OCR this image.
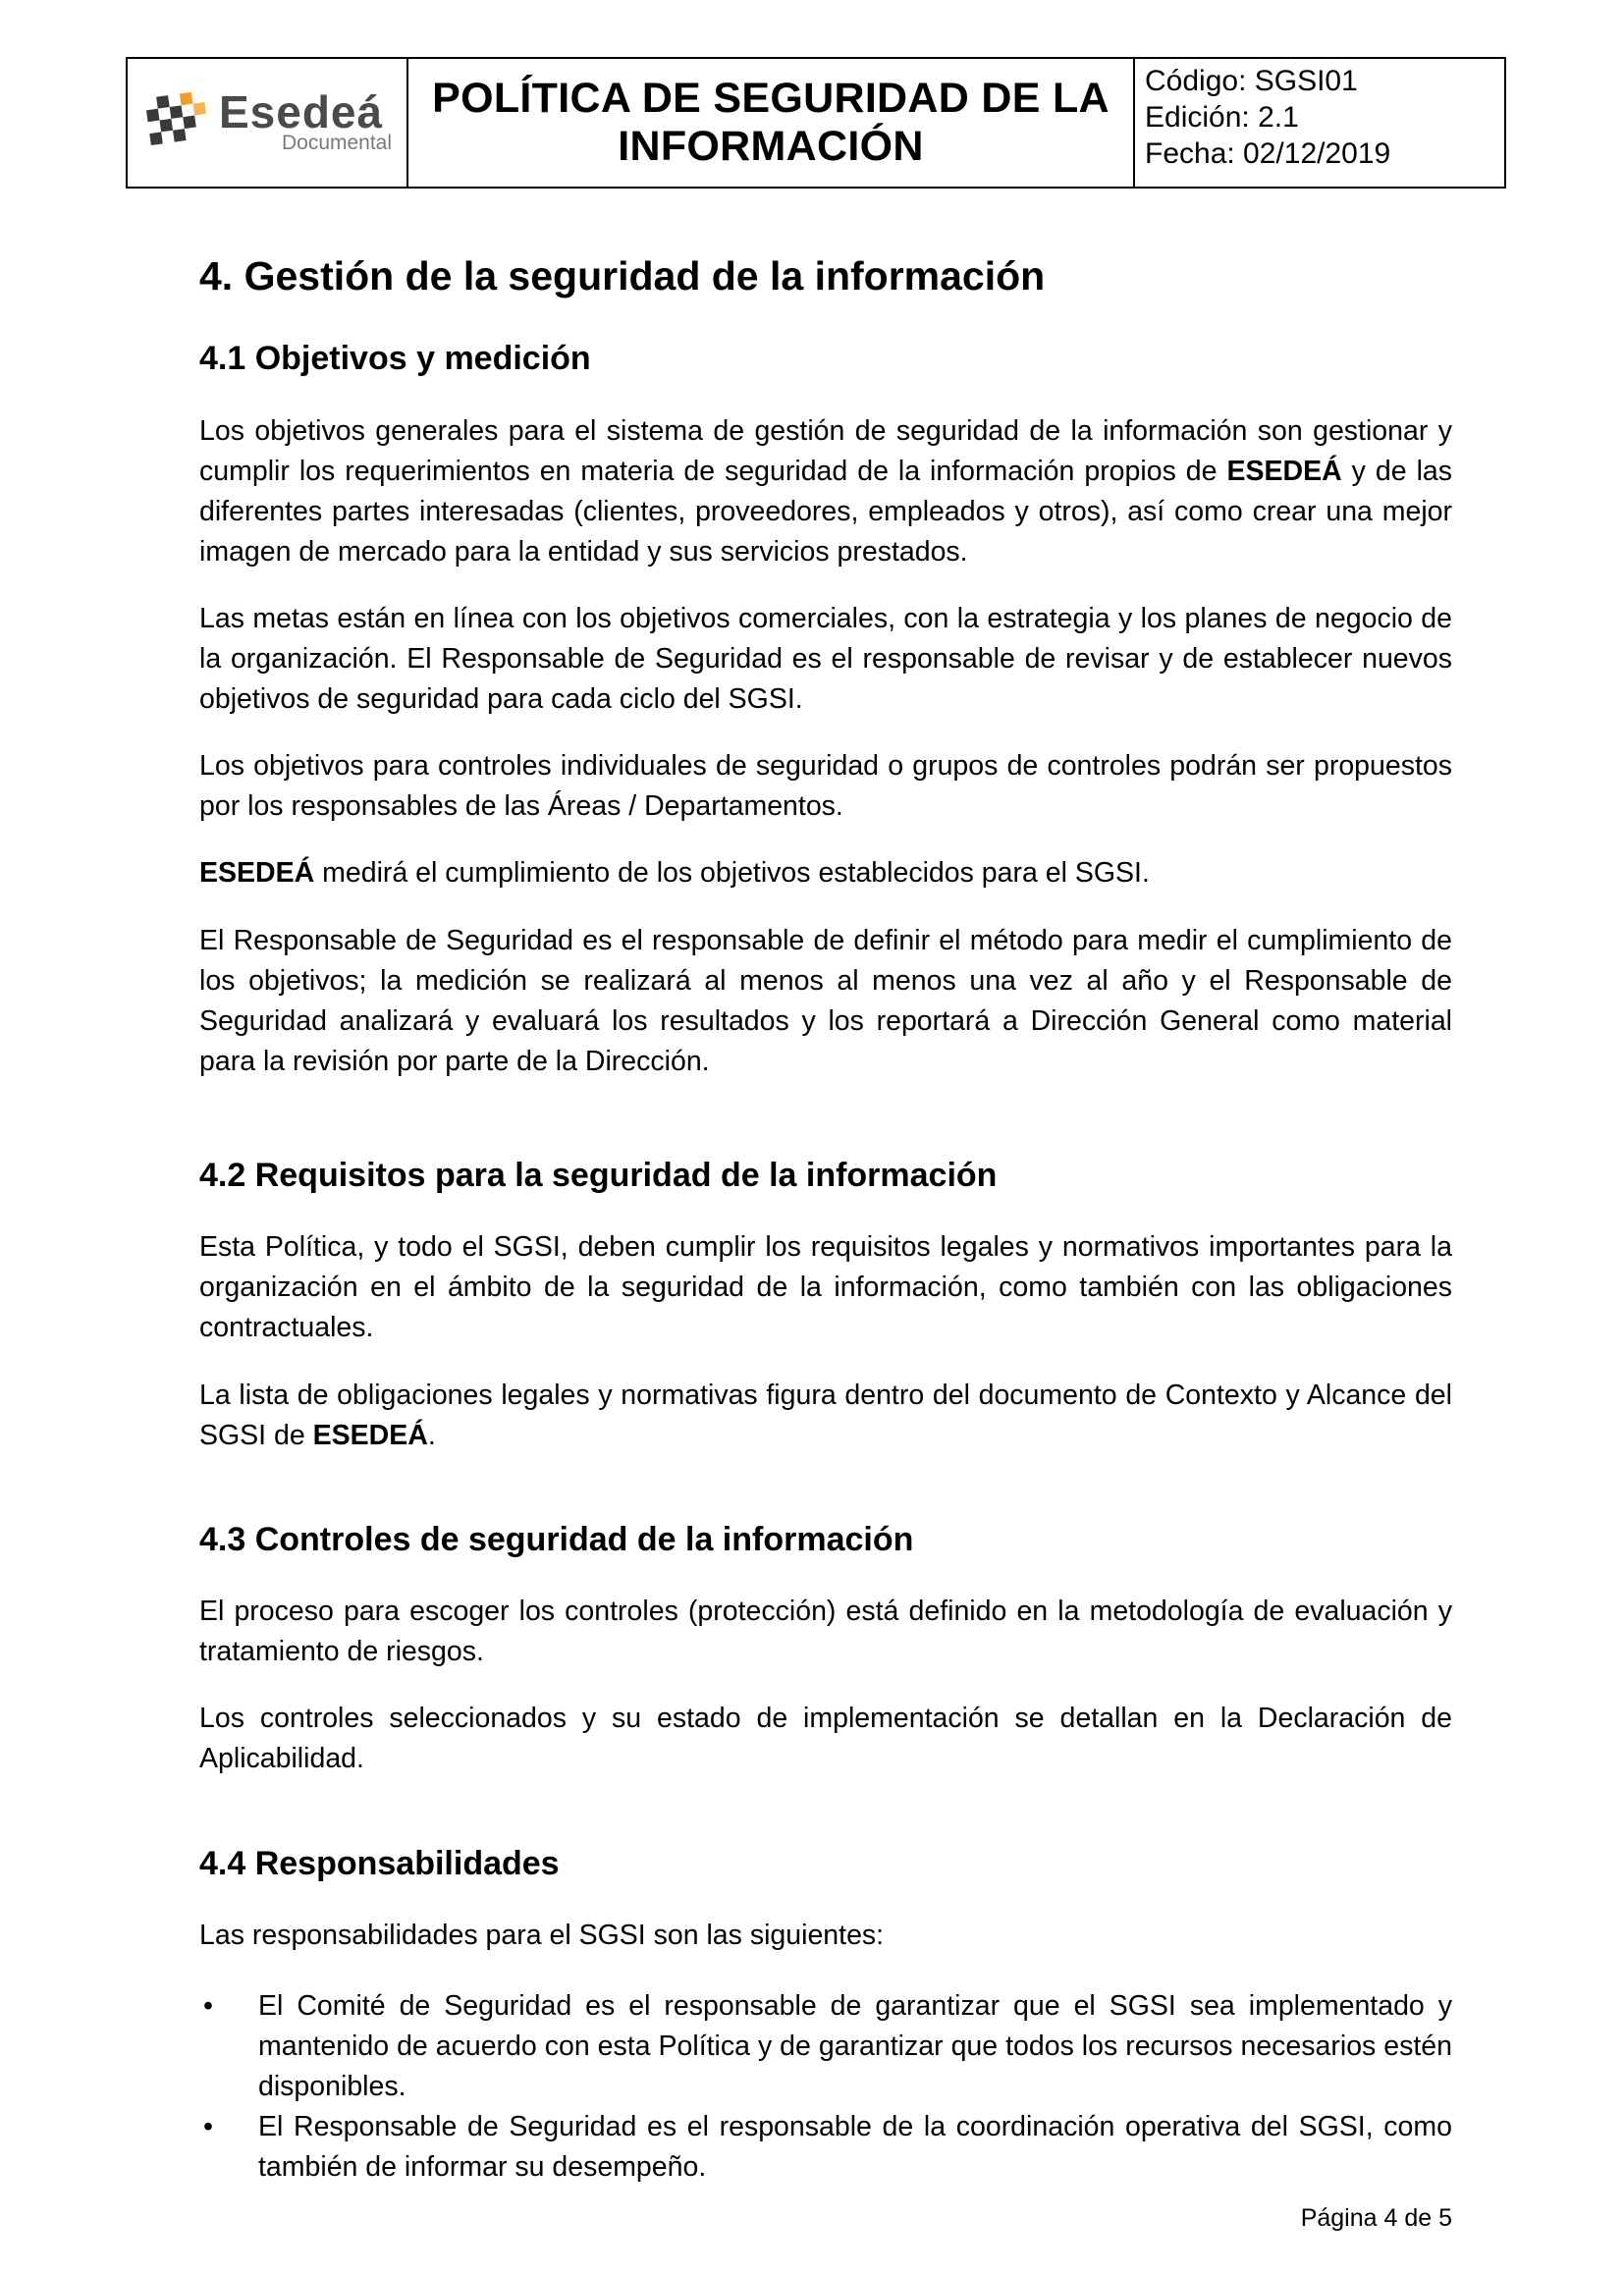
Esedeá
Documental
POLÍTICA DE SEGURIDAD DE LA
INFORMACIÓN
Código: SGSI01
Edición: 2.1
Fecha: 02/12/2019
4. Gestión de la seguridad de la información
4.1 Objetivos y medición

Los objetivos generales para el sistema de gestión de seguridad de la información son gestionar y cumplir los requerimientos en materia de seguridad de la información propios de ESEDEÁ y de las diferentes partes interesadas (clientes, proveedores, empleados y otros), así como crear una mejor imagen de mercado para la entidad y sus servicios prestados.

Las metas están en línea con los objetivos comerciales, con la estrategia y los planes de negocio de la organización. El Responsable de Seguridad es el responsable de revisar y de establecer nuevos objetivos de seguridad para cada ciclo del SGSI.

Los objetivos para controles individuales de seguridad o grupos de controles podrán ser propuestos por los responsables de las Áreas / Departamentos.

ESEDEÁ medirá el cumplimiento de los objetivos establecidos para el SGSI.

El Responsable de Seguridad es el responsable de definir el método para medir el cumplimiento de los objetivos; la medición se realizará al menos al menos una vez al año y el Responsable de Seguridad analizará y evaluará los resultados y los reportará a Dirección General como material para la revisión por parte de la Dirección.

4.2 Requisitos para la seguridad de la información

Esta Política, y todo el SGSI, deben cumplir los requisitos legales y normativos importantes para la organización en el ámbito de la seguridad de la información, como también con las obligaciones contractuales.

La lista de obligaciones legales y normativas figura dentro del documento de Contexto y Alcance del SGSI de ESEDEÁ.

4.3 Controles de seguridad de la información

El proceso para escoger los controles (protección) está definido en la metodología de evaluación y tratamiento de riesgos.

Los controles seleccionados y su estado de implementación se detallan en la Declaración de Aplicabilidad.

4.4 Responsabilidades

Las responsabilidades para el SGSI son las siguientes:

• El Comité de Seguridad es el responsable de garantizar que el SGSI sea implementado y mantenido de acuerdo con esta Política y de garantizar que todos los recursos necesarios estén disponibles.
• El Responsable de Seguridad es el responsable de la coordinación operativa del SGSI, como también de informar su desempeño.
Página 4 de 5
